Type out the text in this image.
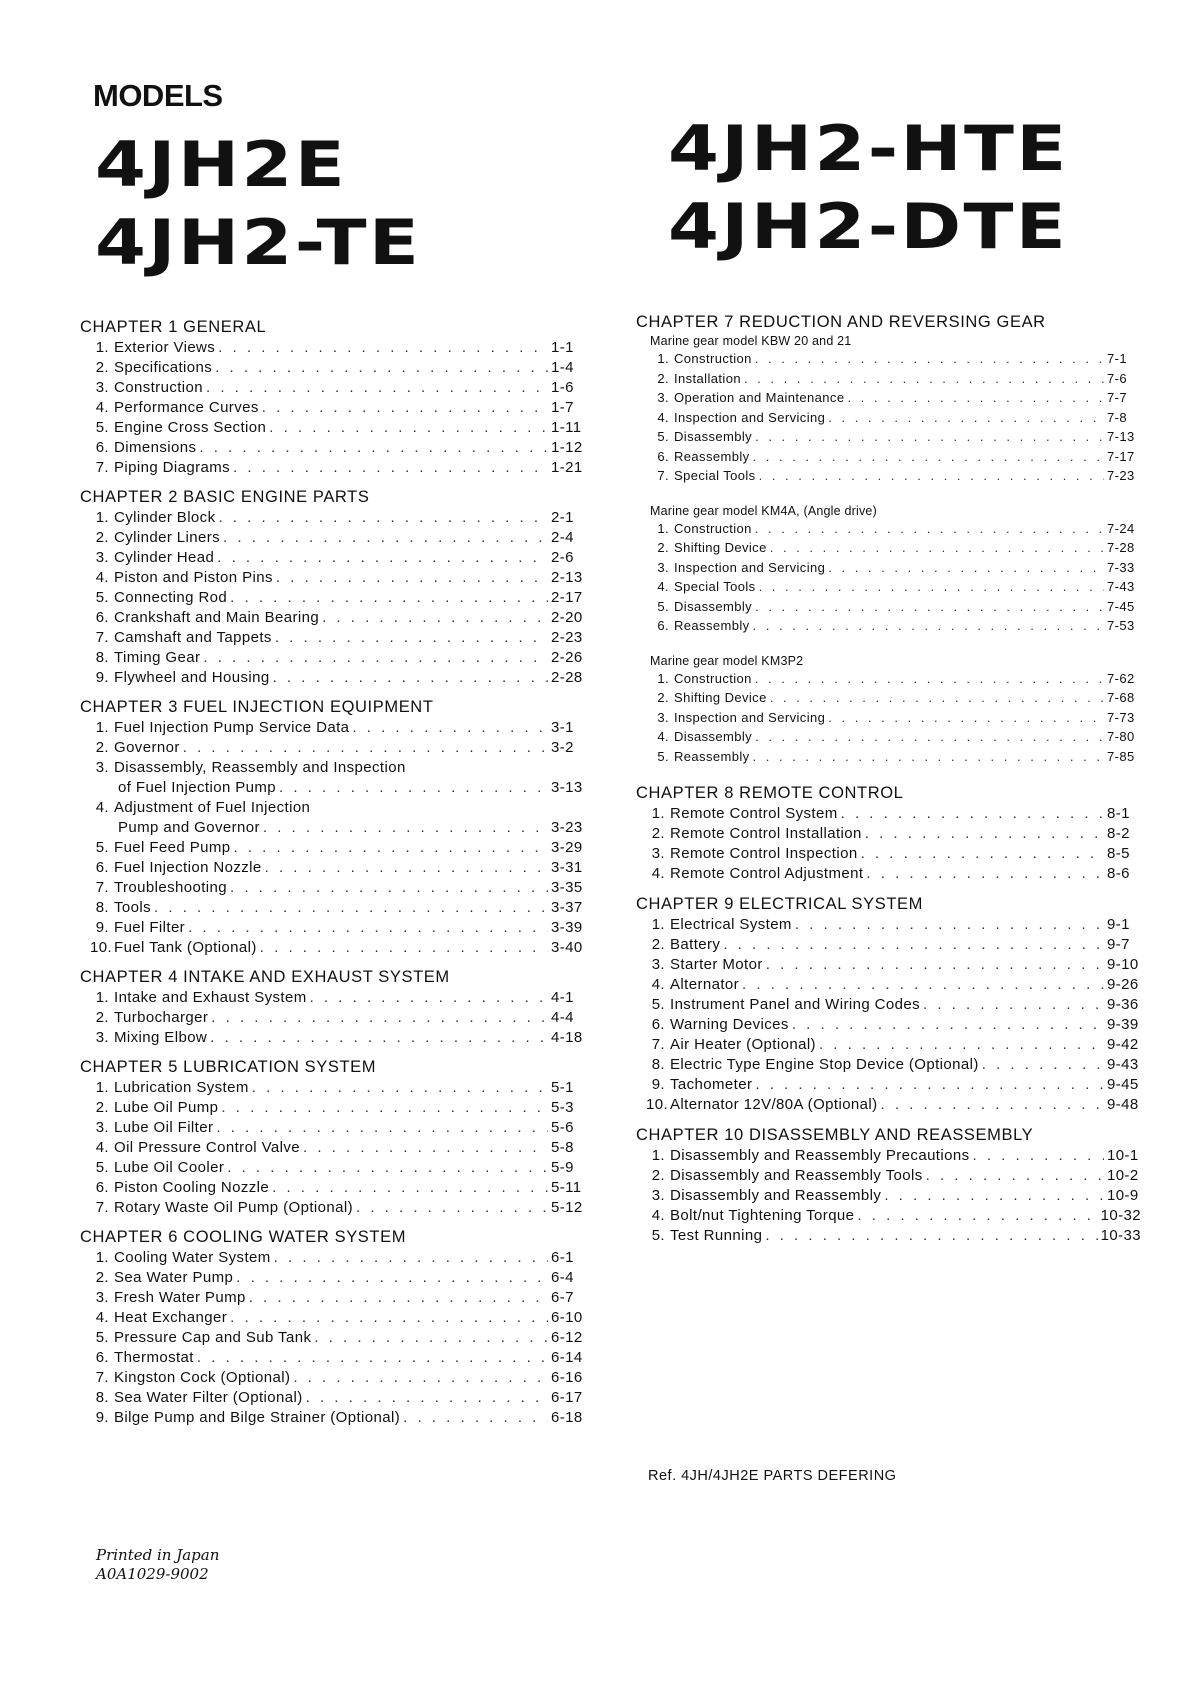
MODELS
4JH2E
4JH2-TE
4JH2-HTE
4JH2-DTE
CHAPTER 1 GENERAL
1. Exterior Views . . .	1-1
2. Specifications . . .	1-4
3. Construction . . .	1-6
4. Performance Curves . . .	1-7
5. Engine Cross Section . . .	1-11
6. Dimensions . . .	1-12
7. Piping Diagrams . . .	1-21
CHAPTER 2 BASIC ENGINE PARTS
1. Cylinder Block . . .	2-1
2. Cylinder Liners . . .	2-4
3. Cylinder Head . . .	2-6
4. Piston and Piston Pins . . .	2-13
5. Connecting Rod . . .	2-17
6. Crankshaft and Main Bearing . . .	2-20
7. Camshaft and Tappets . . .	2-23
8. Timing Gear . . .	2-26
9. Flywheel and Housing . . .	2-28
CHAPTER 3 FUEL INJECTION EQUIPMENT
1. Fuel Injection Pump Service Data . . .	3-1
2. Governor . . .	3-2
3. Disassembly, Reassembly and Inspection
of Fuel Injection Pump . . .	3-13
4. Adjustment of Fuel Injection
Pump and Governor . . .	3-23
5. Fuel Feed Pump . . .	3-29
6. Fuel Injection Nozzle . . .	3-31
7. Troubleshooting . . .	3-35
8. Tools . . .	3-37
9. Fuel Filter . . .	3-39
10. Fuel Tank (Optional) . . .	3-40
CHAPTER 4 INTAKE AND EXHAUST SYSTEM
1. Intake and Exhaust System . . .	4-1
2. Turbocharger . . .	4-4
3. Mixing Elbow . . .	4-18
CHAPTER 5 LUBRICATION SYSTEM
1. Lubrication System . . .	5-1
2. Lube Oil Pump . . .	5-3
3. Lube Oil Filter . . .	5-6
4. Oil Pressure Control Valve . . .	5-8
5. Lube Oil Cooler . . .	5-9
6. Piston Cooling Nozzle . . .	5-11
7. Rotary Waste Oil Pump (Optional) . . .	5-12
CHAPTER 6 COOLING WATER SYSTEM
1. Cooling Water System . . .	6-1
2. Sea Water Pump . . .	6-4
3. Fresh Water Pump . . .	6-7
4. Heat Exchanger . . .	6-10
5. Pressure Cap and Sub Tank . . .	6-12
6. Thermostat . . .	6-14
7. Kingston Cock (Optional) . . .	6-16
8. Sea Water Filter (Optional) . . .	6-17
9. Bilge Pump and Bilge Strainer (Optional) . . .	6-18
CHAPTER 7 REDUCTION AND REVERSING GEAR
Marine gear model KBW 20 and 21
1. Construction . . .	7-1
2. Installation . . .	7-6
3. Operation and Maintenance . . .	7-7
4. Inspection and Servicing . . .	7-8
5. Disassembly . . .	7-13
6. Reassembly . . .	7-17
7. Special Tools . . .	7-23
Marine gear model KM4A, (Angle drive)
1. Construction . . .	7-24
2. Shifting Device . . .	7-28
3. Inspection and Servicing . . .	7-33
4. Special Tools . . .	7-43
5. Disassembly . . .	7-45
6. Reassembly . . .	7-53
Marine gear model KM3P2
1. Construction . . .	7-62
2. Shifting Device . . .	7-68
3. Inspection and Servicing . . .	7-73
4. Disassembly . . .	7-80
5. Reassembly . . .	7-85
CHAPTER 8 REMOTE CONTROL
1. Remote Control System . . .	8-1
2. Remote Control Installation . . .	8-2
3. Remote Control Inspection . . .	8-5
4. Remote Control Adjustment . . .	8-6
CHAPTER 9 ELECTRICAL SYSTEM
1. Electrical System . . .	9-1
2. Battery . . .	9-7
3. Starter Motor . . .	9-10
4. Alternator . . .	9-26
5. Instrument Panel and Wiring Codes . . .	9-36
6. Warning Devices . . .	9-39
7. Air Heater (Optional) . . .	9-42
8. Electric Type Engine Stop Device (Optional) . . .	9-43
9. Tachometer . . .	9-45
10. Alternator 12V/80A (Optional) . . .	9-48
CHAPTER 10 DISASSEMBLY AND REASSEMBLY
1. Disassembly and Reassembly Precautions . . .	10-1
2. Disassembly and Reassembly Tools . . .	10-2
3. Disassembly and Reassembly . . .	10-9
4. Bolt/nut Tightening Torque . . .	10-32
5. Test Running . . .	10-33
Ref. 4JH/4JH2E PARTS DEFERING
Printed in Japan
A0A1029-9002
